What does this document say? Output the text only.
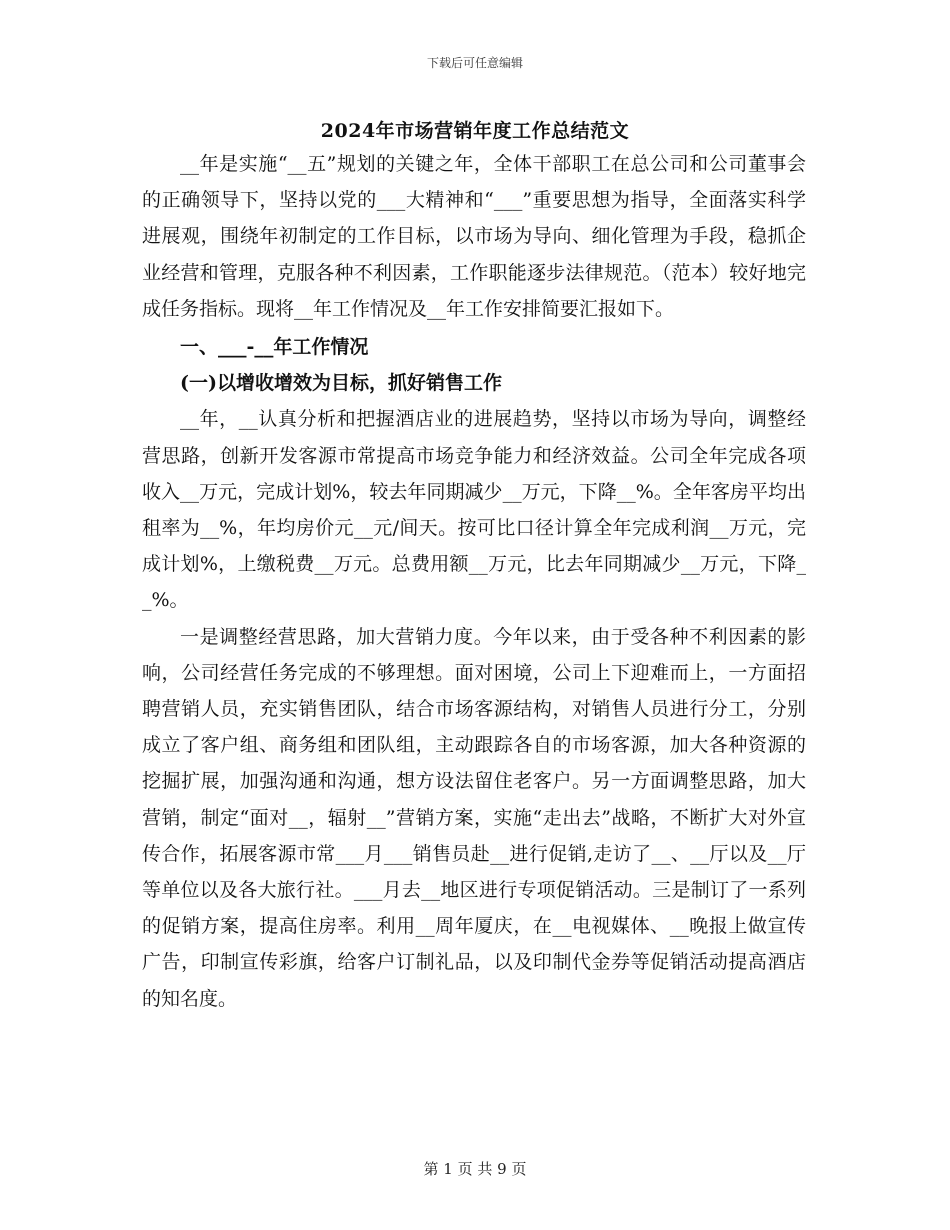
下载后可任意编辑
2024年市场营销年度工作总结范文

__年是实施“__五”规划的关键之年，全体干部职工在总公司和公司董事会的正确领导下，坚持以党的___大精神和“___”重要思想为指导，全面落实科学进展观，围绕年初制定的工作目标，以市场为导向、细化管理为手段，稳抓企业经营和管理，克服各种不利因素，工作职能逐步法律规范。（范本）较好地完成任务指标。现将__年工作情况及__年工作安排简要汇报如下。

一、___-__年工作情况

(一)以增收增效为目标，抓好销售工作

__年，__认真分析和把握酒店业的进展趋势，坚持以市场为导向，调整经营思路，创新开发客源市常提高市场竞争能力和经济效益。公司全年完成各项收入__万元，完成计划%，较去年同期减少__万元，下降__%。全年客房平均出租率为__%，年均房价元__元/间天。按可比口径计算全年完成利润__万元，完成计划%，上缴税费__万元。总费用额__万元，比去年同期减少__万元，下降__%。

一是调整经营思路，加大营销力度。今年以来，由于受各种不利因素的影响，公司经营任务完成的不够理想。面对困境，公司上下迎难而上，一方面招聘营销人员，充实销售团队，结合市场客源结构，对销售人员进行分工，分别成立了客户组、商务组和团队组，主动跟踪各自的市场客源，加大各种资源的挖掘扩展，加强沟通和沟通，想方设法留住老客户。另一方面调整思路，加大营销，制定“面对__，辐射__”营销方案，实施“走出去”战略，不断扩大对外宣传合作，拓展客源市常___月___销售员赴__进行促销,走访了__、__厅以及__厅等单位以及各大旅行社。___月去__地区进行专项促销活动。三是制订了一系列的促销方案，提高住房率。利用__周年厦庆，在__电视媒体、__晚报上做宣传广告，印制宣传彩旗，给客户订制礼品，以及印制代金券等促销活动提高酒店的知名度。

第 1 页 共 9 页
